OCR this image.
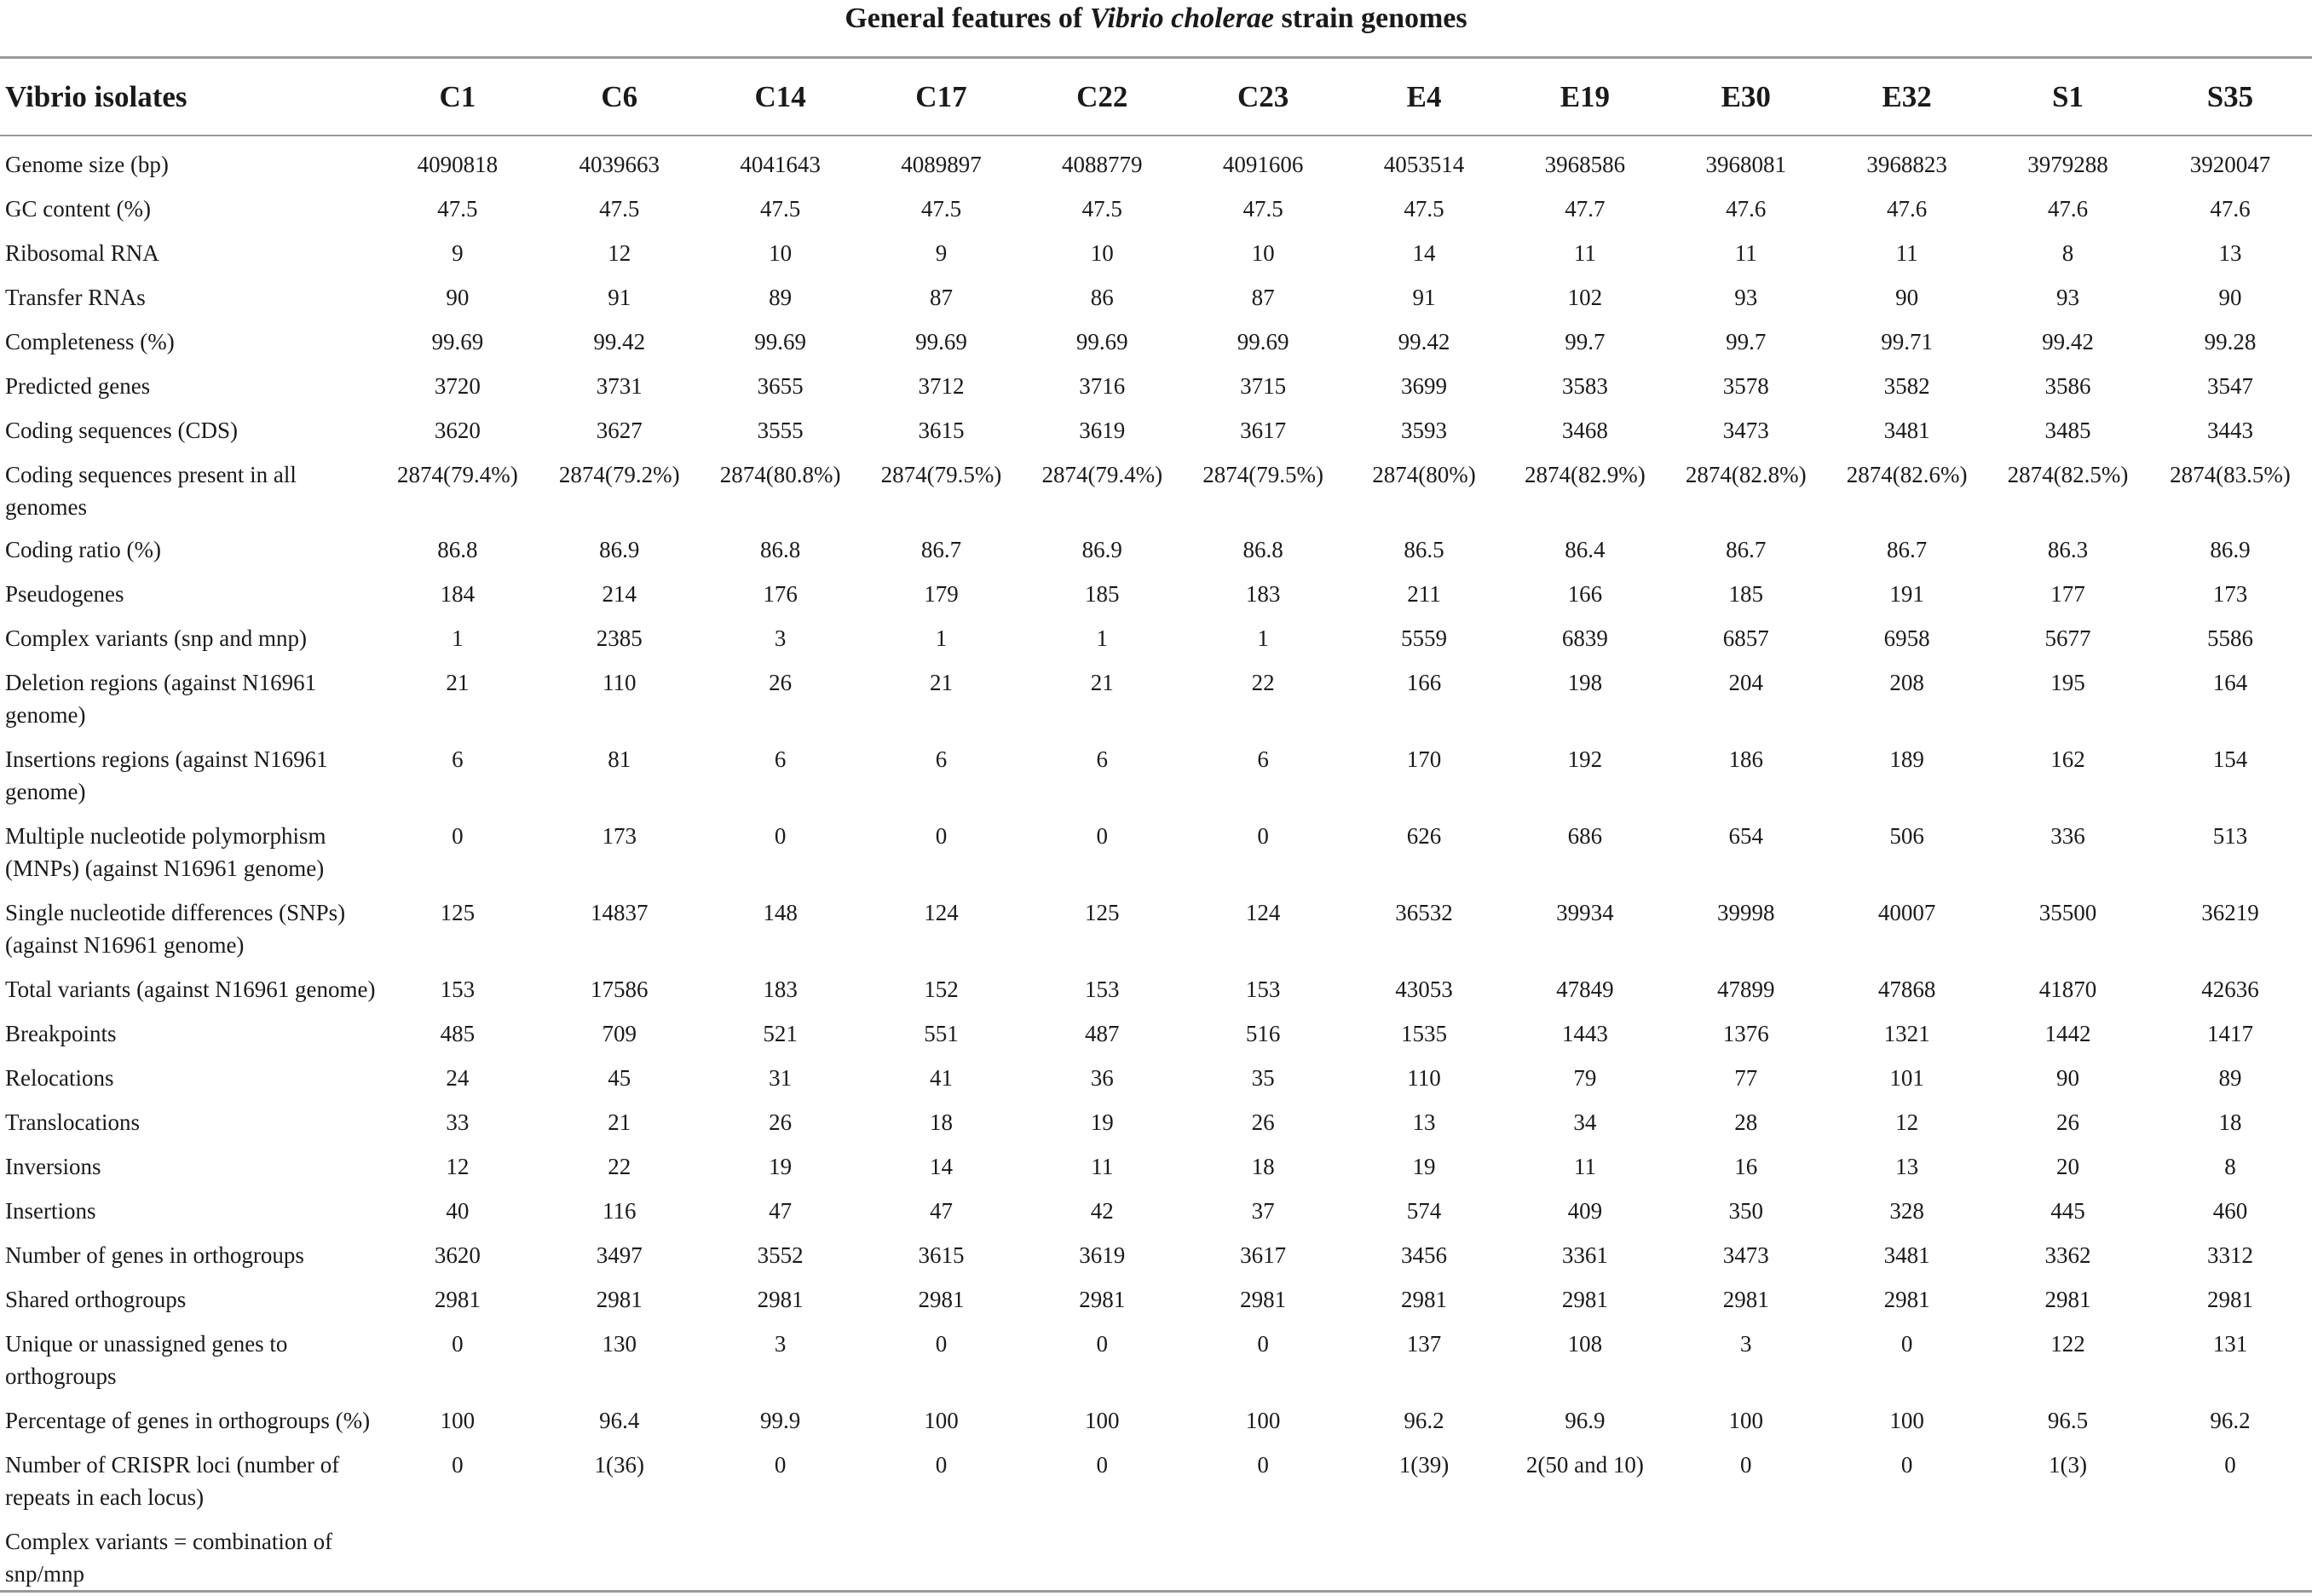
General features of Vibrio cholerae strain genomes
Vibrio isolates	C1	C6	C14	C17	C22	C23	E4	E19	E30	E32	S1	S35
Genome size (bp)	4090818	4039663	4041643	4089897	4088779	4091606	4053514	3968586	3968081	3968823	3979288	3920047
GC content (%)	47.5	47.5	47.5	47.5	47.5	47.5	47.5	47.7	47.6	47.6	47.6	47.6
Ribosomal RNA	9	12	10	9	10	10	14	11	11	11	8	13
Transfer RNAs	90	91	89	87	86	87	91	102	93	90	93	90
Completeness (%)	99.69	99.42	99.69	99.69	99.69	99.69	99.42	99.7	99.7	99.71	99.42	99.28
Predicted genes	3720	3731	3655	3712	3716	3715	3699	3583	3578	3582	3586	3547
Coding sequences (CDS)	3620	3627	3555	3615	3619	3617	3593	3468	3473	3481	3485	3443
Coding sequences present in all genomes	2874(79.4%)	2874(79.2%)	2874(80.8%)	2874(79.5%)	2874(79.4%)	2874(79.5%)	2874(80%)	2874(82.9%)	2874(82.8%)	2874(82.6%)	2874(82.5%)	2874(83.5%)
Coding ratio (%)	86.8	86.9	86.8	86.7	86.9	86.8	86.5	86.4	86.7	86.7	86.3	86.9
Pseudogenes	184	214	176	179	185	183	211	166	185	191	177	173
Complex variants (snp and mnp)	1	2385	3	1	1	1	5559	6839	6857	6958	5677	5586
Deletion regions (against N16961 genome)	21	110	26	21	21	22	166	198	204	208	195	164
Insertions regions (against N16961 genome)	6	81	6	6	6	6	170	192	186	189	162	154
Multiple nucleotide polymorphism (MNPs) (against N16961 genome)	0	173	0	0	0	0	626	686	654	506	336	513
Single nucleotide differences (SNPs) (against N16961 genome)	125	14837	148	124	125	124	36532	39934	39998	40007	35500	36219
Total variants (against N16961 genome)	153	17586	183	152	153	153	43053	47849	47899	47868	41870	42636
Breakpoints	485	709	521	551	487	516	1535	1443	1376	1321	1442	1417
Relocations	24	45	31	41	36	35	110	79	77	101	90	89
Translocations	33	21	26	18	19	26	13	34	28	12	26	18
Inversions	12	22	19	14	11	18	19	11	16	13	20	8
Insertions	40	116	47	47	42	37	574	409	350	328	445	460
Number of genes in orthogroups	3620	3497	3552	3615	3619	3617	3456	3361	3473	3481	3362	3312
Shared orthogroups	2981	2981	2981	2981	2981	2981	2981	2981	2981	2981	2981	2981
Unique or unassigned genes to orthogroups	0	130	3	0	0	0	137	108	3	0	122	131
Percentage of genes in orthogroups (%)	100	96.4	99.9	100	100	100	96.2	96.9	100	100	96.5	96.2
Number of CRISPR loci (number of repeats in each locus)	0	1(36)	0	0	0	0	1(39)	2(50 and 10)	0	0	1(3)	0
Complex variants = combination of snp/mnp												
